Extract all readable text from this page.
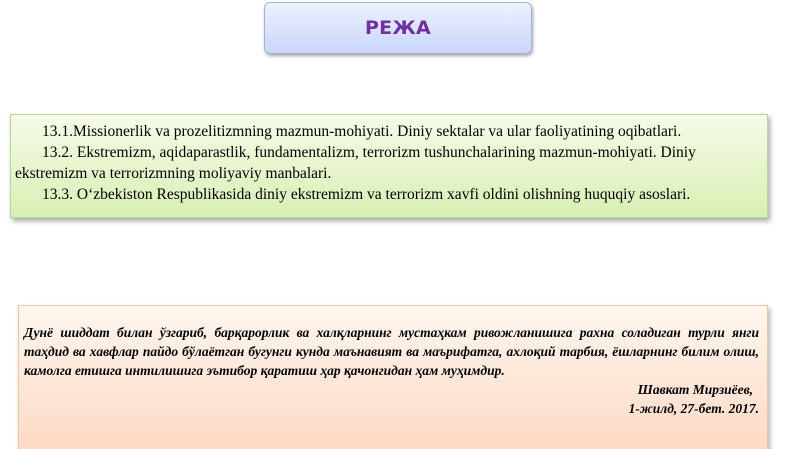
РЕЖА

13.1.Missionerlik va prozelitizmning mazmun-mohiyati. Diniy sektalar va ular faoliyatining oqibatlari.

13.2. Ekstremizm, aqidaparastlik, fundamentalizm, terrorizm tushunchalarining mazmun-mohiyati. Diniy ekstremizm va terrorizmning moliyaviy manbalari.

13.3. O‘zbekiston Respublikasida diniy ekstremizm va terrorizm xavfi oldini olishning huquqiy asoslari.

Дунё шиддат билан ўзгариб, барқарорлик ва халқларнинг мустаҳкам ривожланишига рахна соладиган турли янги таҳдид ва хавфлар пайдо бўлаётган бугунги кунда маънавият ва маърифатга, ахлоқий тарбия, ёшларнинг билим олиш, камолга етишга интилишига эътибор қаратиш ҳар қачонгидан ҳам муҳимдир.

Шавкат Мирзиёев,

1-жилд, 27-бет. 2017.
